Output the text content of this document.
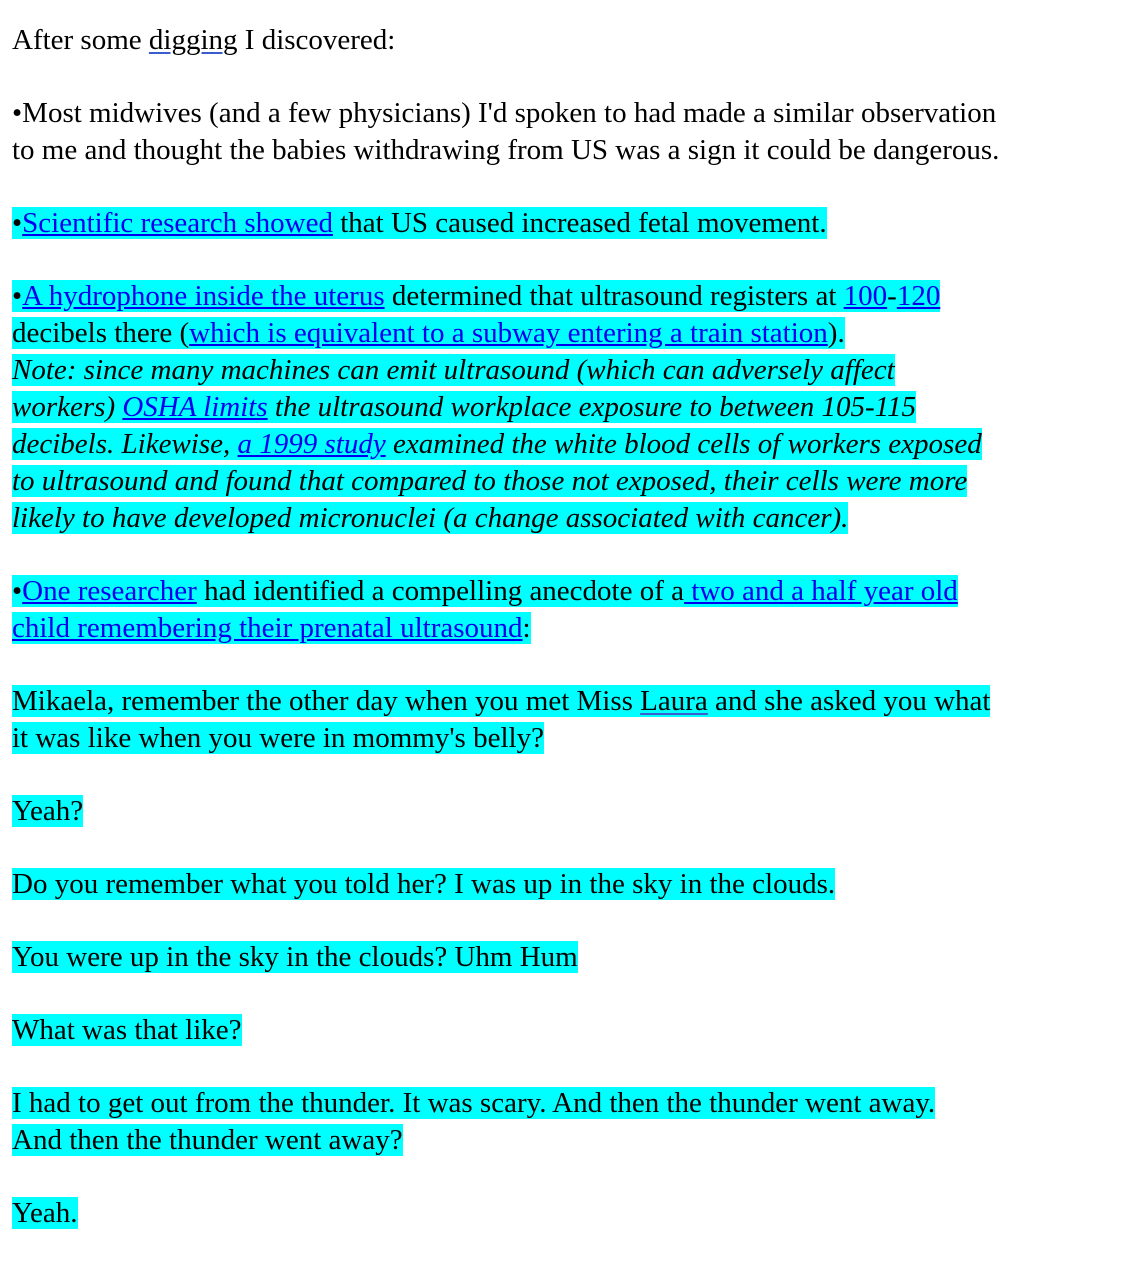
After some digging I discovered:

•Most midwives (and a few physicians) I'd spoken to had made a similar observation
to me and thought the babies withdrawing from US was a sign it could be dangerous.

•Scientific research showed that US caused increased fetal movement.

•A hydrophone inside the uterus determined that ultrasound registers at 100-120
decibels there (which is equivalent to a subway entering a train station).
Note: since many machines can emit ultrasound (which can adversely affect
workers) OSHA limits the ultrasound workplace exposure to between 105-115
decibels. Likewise, a 1999 study examined the white blood cells of workers exposed
to ultrasound and found that compared to those not exposed, their cells were more
likely to have developed micronuclei (a change associated with cancer).

•One researcher had identified a compelling anecdote of a two and a half year old
child remembering their prenatal ultrasound:

Mikaela, remember the other day when you met Miss Laura and she asked you what
it was like when you were in mommy's belly?

Yeah?

Do you remember what you told her? I was up in the sky in the clouds.

You were up in the sky in the clouds? Uhm Hum

What was that like?

I had to get out from the thunder. It was scary. And then the thunder went away.
And then the thunder went away?

Yeah.
